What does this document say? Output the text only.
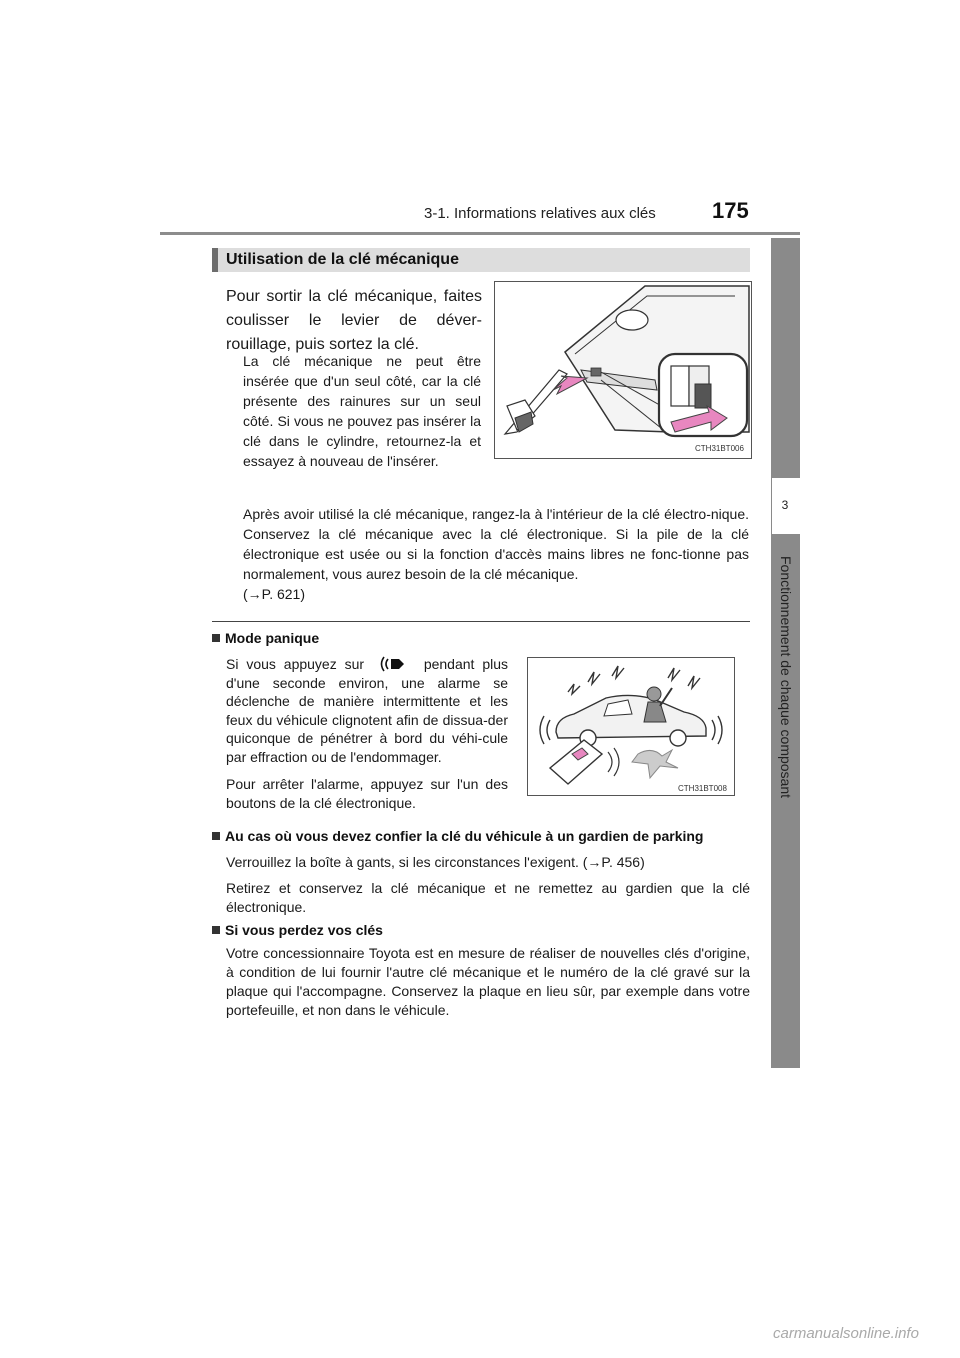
3-1. Informations relatives aux clés	175
3
Fonctionnement de chaque composant
Utilisation de la clé mécanique
Pour sortir la clé mécanique, faites coulisser le levier de déver-rouillage, puis sortez la clé.
La clé mécanique ne peut être insérée que d'un seul côté, car la clé présente des rainures sur un seul côté. Si vous ne pouvez pas insérer la clé dans le cylindre, retournez-la et essayez à nouveau de l'insérer.
CTH31BT006
Après avoir utilisé la clé mécanique, rangez-la à l'intérieur de la clé électro-nique. Conservez la clé mécanique avec la clé électronique. Si la pile de la clé électronique est usée ou si la fonction d'accès mains libres ne fonc-tionne pas normalement, vous aurez besoin de la clé mécanique.
(→P. 621)
Mode panique
Si vous appuyez sur	pendant plus d'une seconde environ, une alarme se déclenche de manière intermittente et les feux du véhicule clignotent afin de dissua-der quiconque de pénétrer à bord du véhi-cule par effraction ou de l'endommager.
Pour arrêter l'alarme, appuyez sur l'un des boutons de la clé électronique.
CTH31BT008
Au cas où vous devez confier la clé du véhicule à un gardien de parking
Verrouillez la boîte à gants, si les circonstances l'exigent. (→P. 456)
Retirez et conservez la clé mécanique et ne remettez au gardien que la clé électronique.
Si vous perdez vos clés
Votre concessionnaire Toyota est en mesure de réaliser de nouvelles clés d'origine, à condition de lui fournir l'autre clé mécanique et le numéro de la clé gravé sur la plaque qui l'accompagne. Conservez la plaque en lieu sûr, par exemple dans votre portefeuille, et non dans le véhicule.
carmanualsonline.info
